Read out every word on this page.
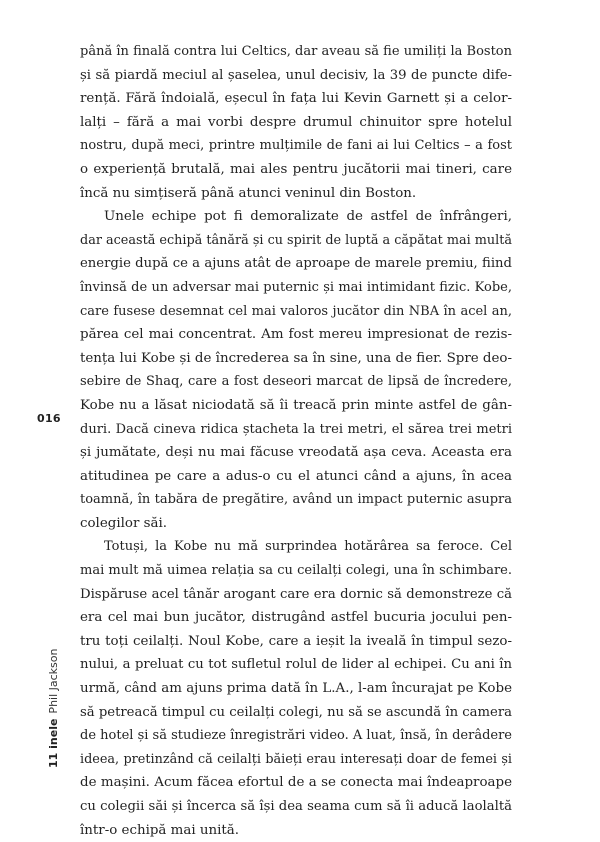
până în finală contra lui Celtics, dar aveau să fie umiliți la Boston
și să piardă meciul al șaselea, unul decisiv, la 39 de puncte dife-
rență. Fără îndoială, eșecul în fața lui Kevin Garnett și a celor-
lalți – fără a mai vorbi despre drumul chinuitor spre hotelul
nostru, după meci, printre mulțimile de fani ai lui Celtics – a fost
o experiență brutală, mai ales pentru jucătorii mai tineri, care
încă nu simțiseră până atunci veninul din Boston.
Unele echipe pot fi demoralizate de astfel de înfrângeri,
dar această echipă tânără și cu spirit de luptă a căpătat mai multă
energie după ce a ajuns atât de aproape de marele premiu, fiind
învinsă de un adversar mai puternic și mai intimidant fizic. Kobe,
care fusese desemnat cel mai valoros jucător din NBA în acel an,
părea cel mai concentrat. Am fost mereu impresionat de rezis-
tența lui Kobe și de încrederea sa în sine, una de fier. Spre deo-
sebire de Shaq, care a fost deseori marcat de lipsă de încredere,
Kobe nu a lăsat niciodată să îi treacă prin minte astfel de gân-
duri. Dacă cineva ridica ștacheta la trei metri, el sărea trei metri
și jumătate, deși nu mai făcuse vreodată așa ceva. Aceasta era
atitudinea pe care a adus-o cu el atunci când a ajuns, în acea
toamnă, în tabăra de pregătire, având un impact puternic asupra
colegilor săi.
Totuși, la Kobe nu mă surprindea hotărârea sa feroce. Cel
mai mult mă uimea relația sa cu ceilalți colegi, una în schimbare.
Dispăruse acel tânăr arogant care era dornic să demonstreze că
era cel mai bun jucător, distrugând astfel bucuria jocului pen-
tru toți ceilalți. Noul Kobe, care a ieșit la iveală în timpul sezo-
nului, a preluat cu tot sufletul rolul de lider al echipei. Cu ani în
urmă, când am ajuns prima dată în L.A., l-am încurajat pe Kobe
să petreacă timpul cu ceilalți colegi, nu să se ascundă în camera
de hotel și să studieze înregistrări video. A luat, însă, în derâdere
ideea, pretinzând că ceilalți băieți erau interesați doar de femei și
de mașini. Acum făcea efortul de a se conecta mai îndeaproape
cu colegii săi și încerca să își dea seama cum să îi aducă laolaltă
într-o echipă mai unită.
016
11 inelePhil Jackson
